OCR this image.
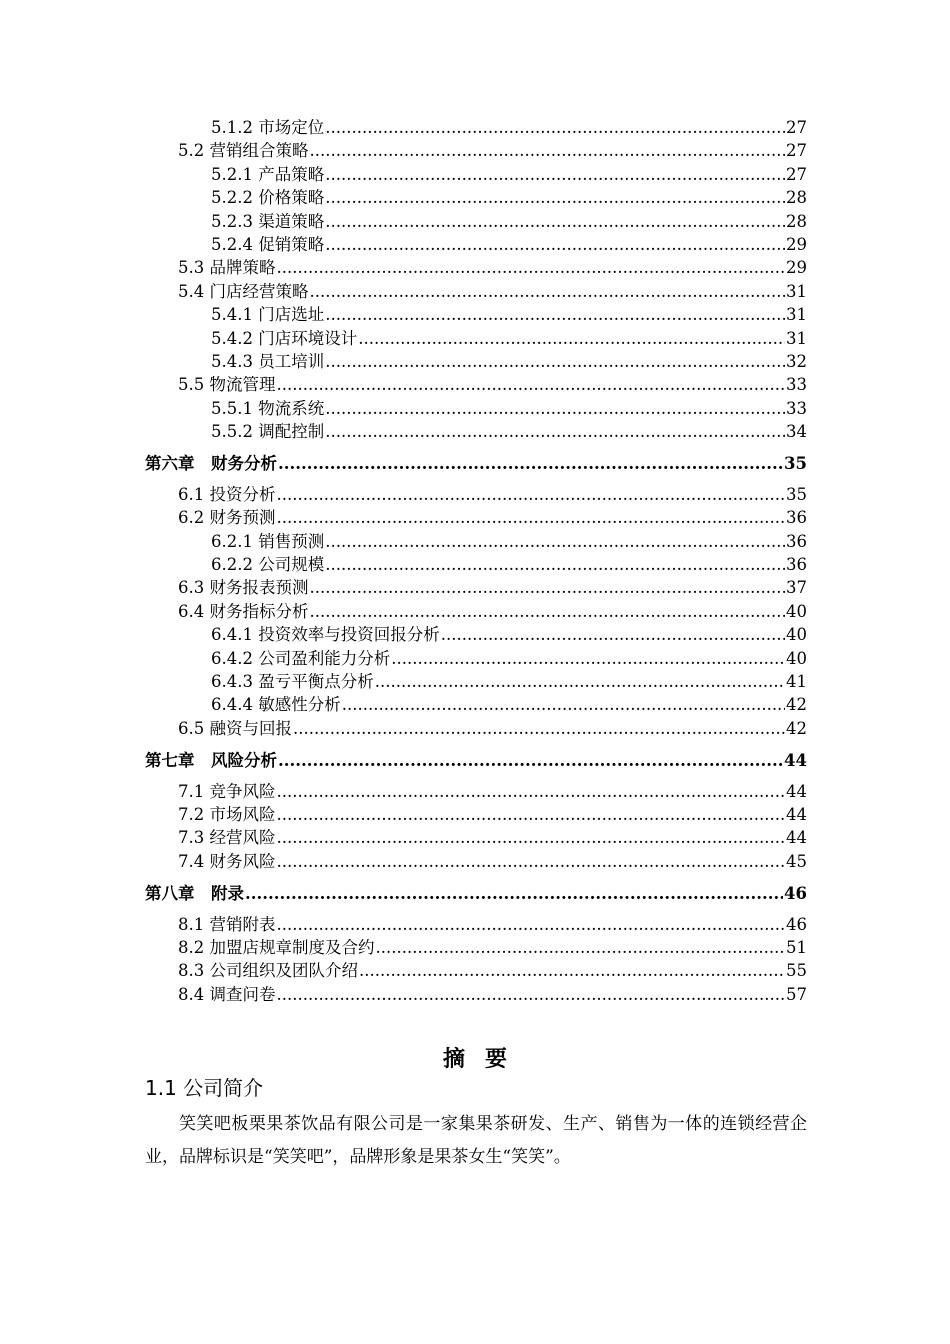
5.1.2 市场定位 .....	27
5.2 营销组合策略 .....	27
5.2.1 产品策略 .....	27
5.2.2 价格策略 .....	28
5.2.3 渠道策略 .....	28
5.2.4 促销策略 .....	29
5.3 品牌策略 .....	29
5.4 门店经营策略 .....	31
5.4.1 门店选址 .....	31
5.4.2 门店环境设计 .....	31
5.4.3 员工培训 .....	32
5.5 物流管理 .....	33
5.5.1 物流系统 .....	33
5.5.2 调配控制 .....	34
第六章　财务分析 .....	35
6.1 投资分析 .....	35
6.2 财务预测 .....	36
6.2.1 销售预测 .....	36
6.2.2 公司规模 .....	36
6.3 财务报表预测 .....	37
6.4 财务指标分析 .....	40
6.4.1 投资效率与投资回报分析 .....	40
6.4.2 公司盈利能力分析 .....	40
6.4.3 盈亏平衡点分析 .....	41
6.4.4 敏感性分析 .....	42
6.5 融资与回报 .....	42
第七章　风险分析 .....	44
7.1 竞争风险 .....	44
7.2 市场风险 .....	44
7.3 经营风险 .....	44
7.4 财务风险 .....	45
第八章　附录 .....	46
8.1 营销附表 .....	46
8.2 加盟店规章制度及合约 .....	51
8.3 公司组织及团队介绍 .....	55
8.4 调查问卷 .....	57
摘要
1.1 公司简介
笑笑吧板栗果茶饮品有限公司是一家集果茶研发、生产、销售为一体的连锁经营企业，品牌标识是“笑笑吧”，品牌形象是果茶女生“笑笑”。
